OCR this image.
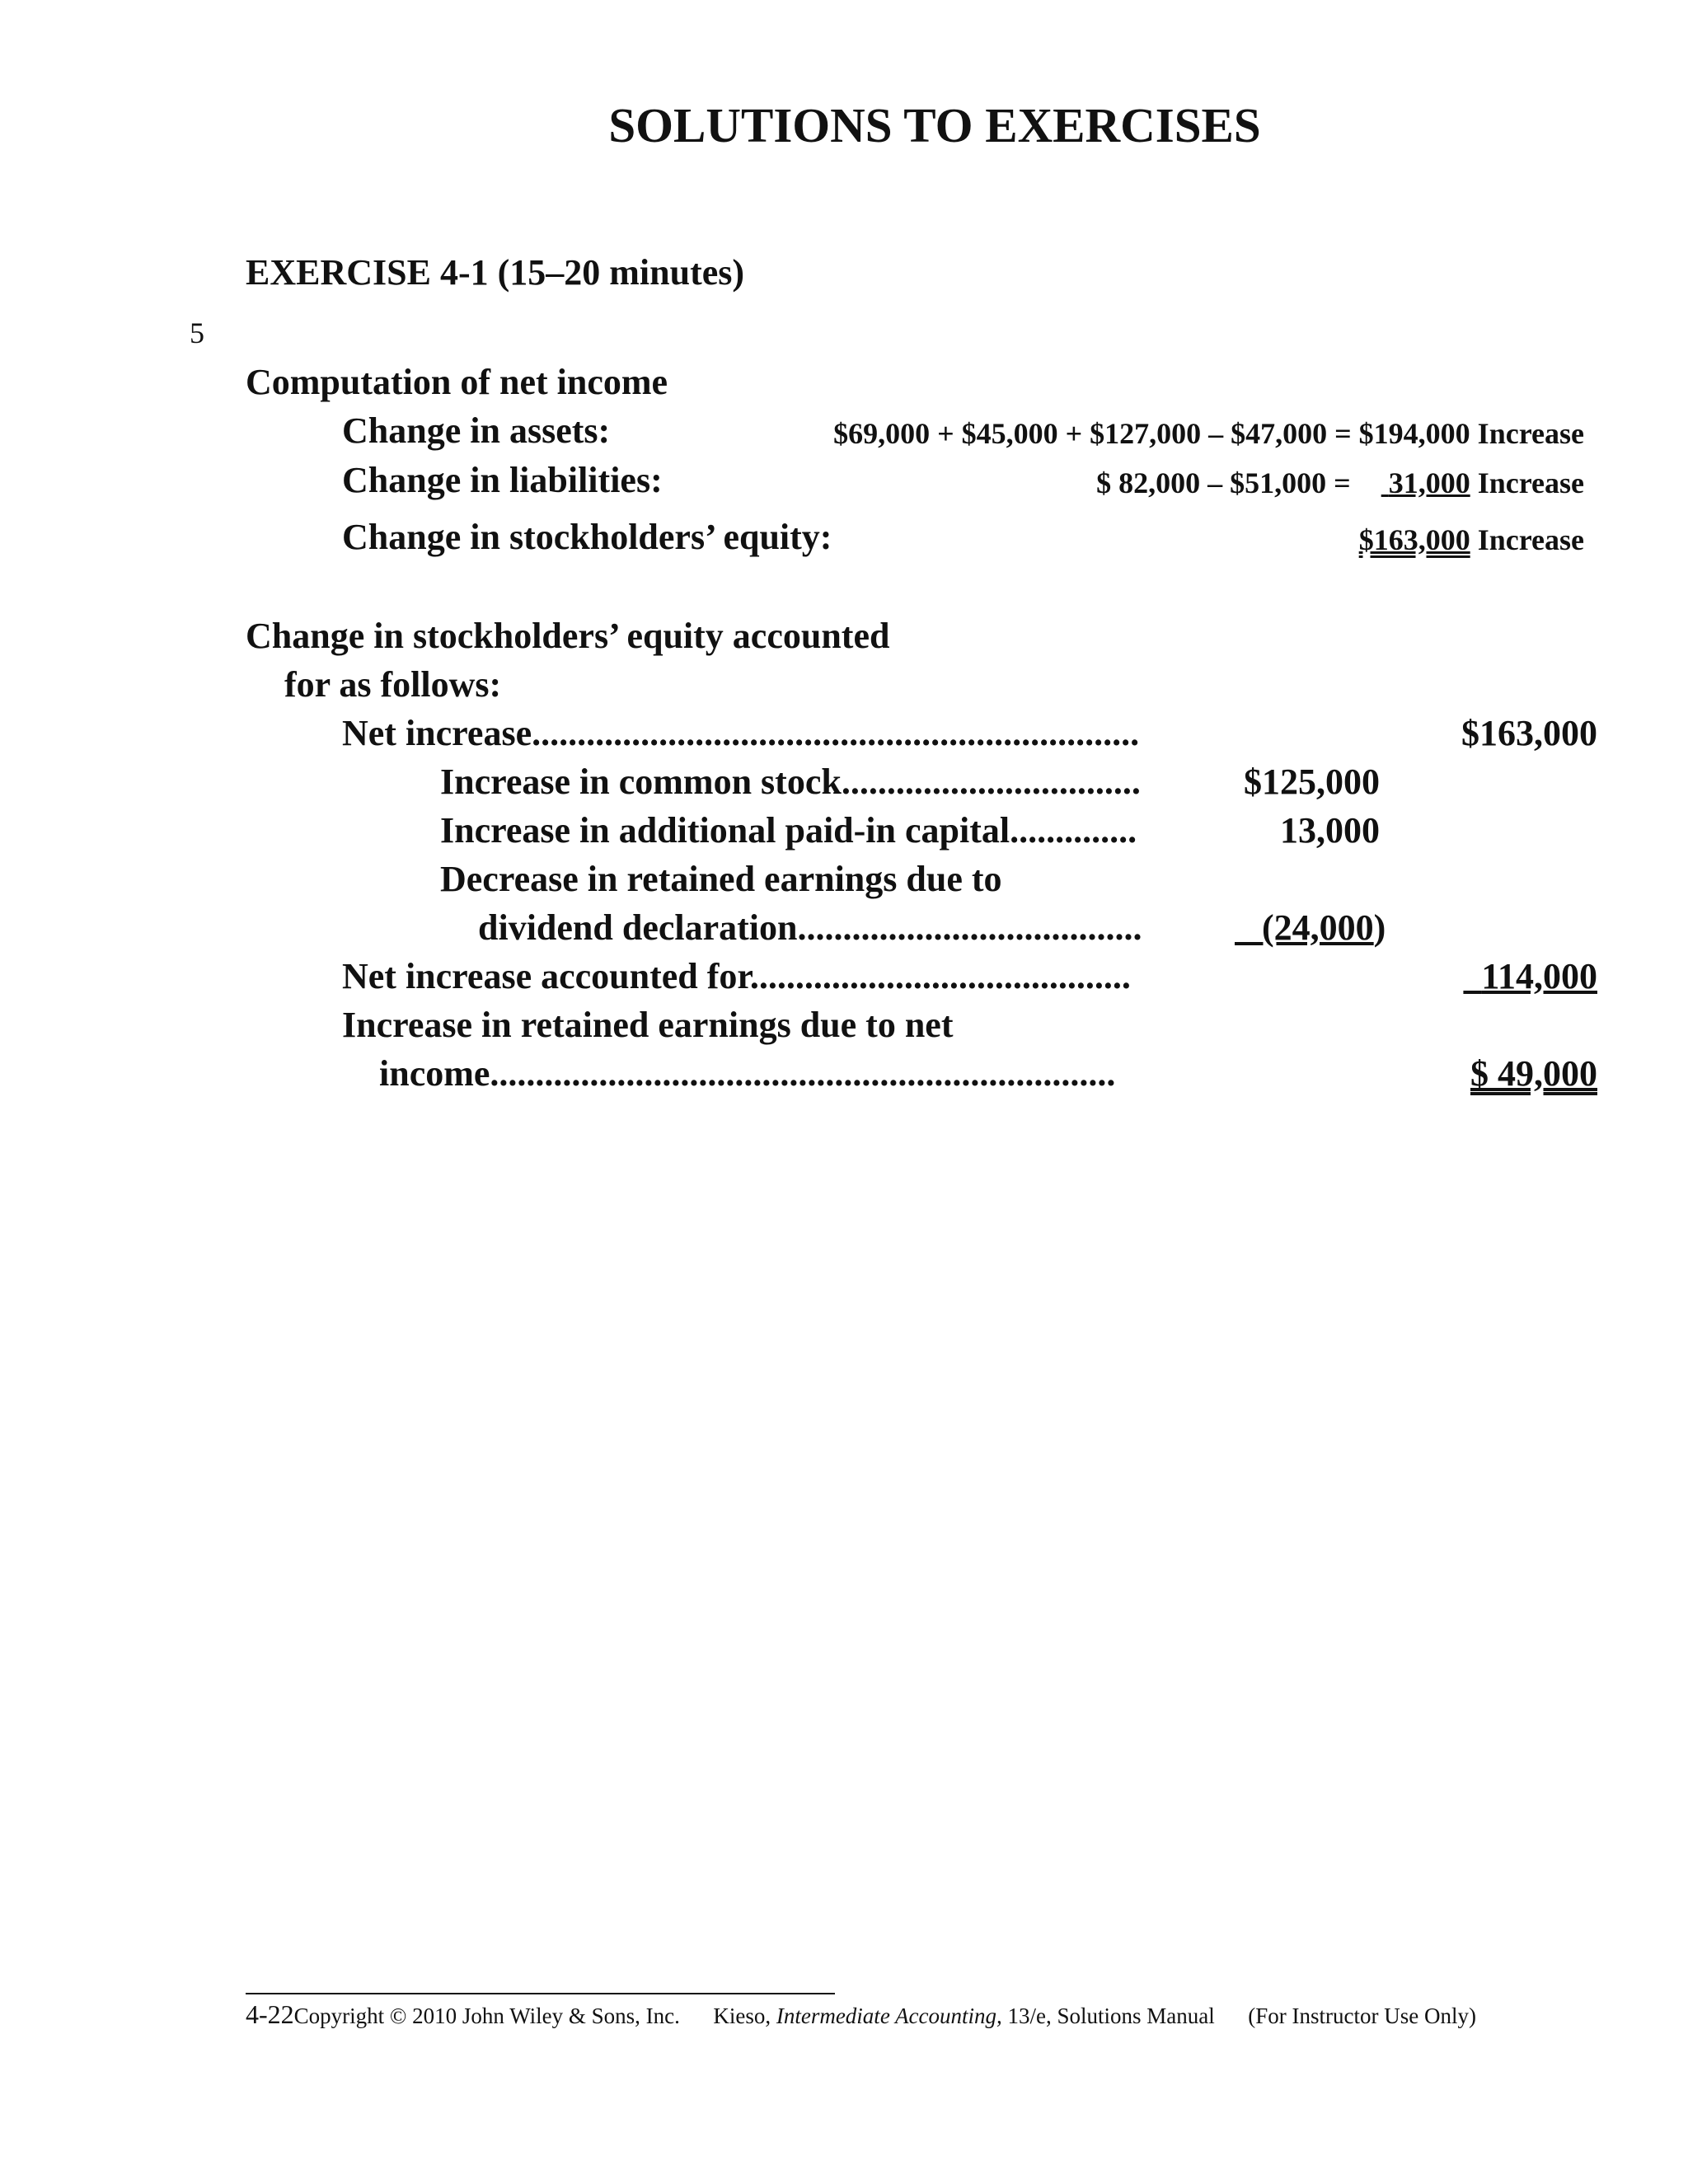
SOLUTIONS TO EXERCISES
EXERCISE 4-1 (15–20 minutes)
5
Computation of net income
Change in assets:	$69,000 + $45,000 + $127,000 – $47,000 = $194,000 Increase
Change in liabilities:	$ 82,000 – $51,000 = 31,000 Increase
Change in stockholders’ equity:	$163,000 Increase
Change in stockholders’ equity accounted
for as follows:
Net increase...................................................................	$163,000
Increase in common stock.................................	$125,000
Increase in additional paid-in capital..............	13,000
Decrease in retained earnings due to
dividend declaration......................................	(24,000)
Net increase accounted for..........................................	114,000
Increase in retained earnings due to net
income.....................................................................	$ 49,000
4-22Copyright © 2010 John Wiley & Sons, Inc. Kieso, Intermediate Accounting, 13/e, Solutions Manual (For Instructor Use Only)
